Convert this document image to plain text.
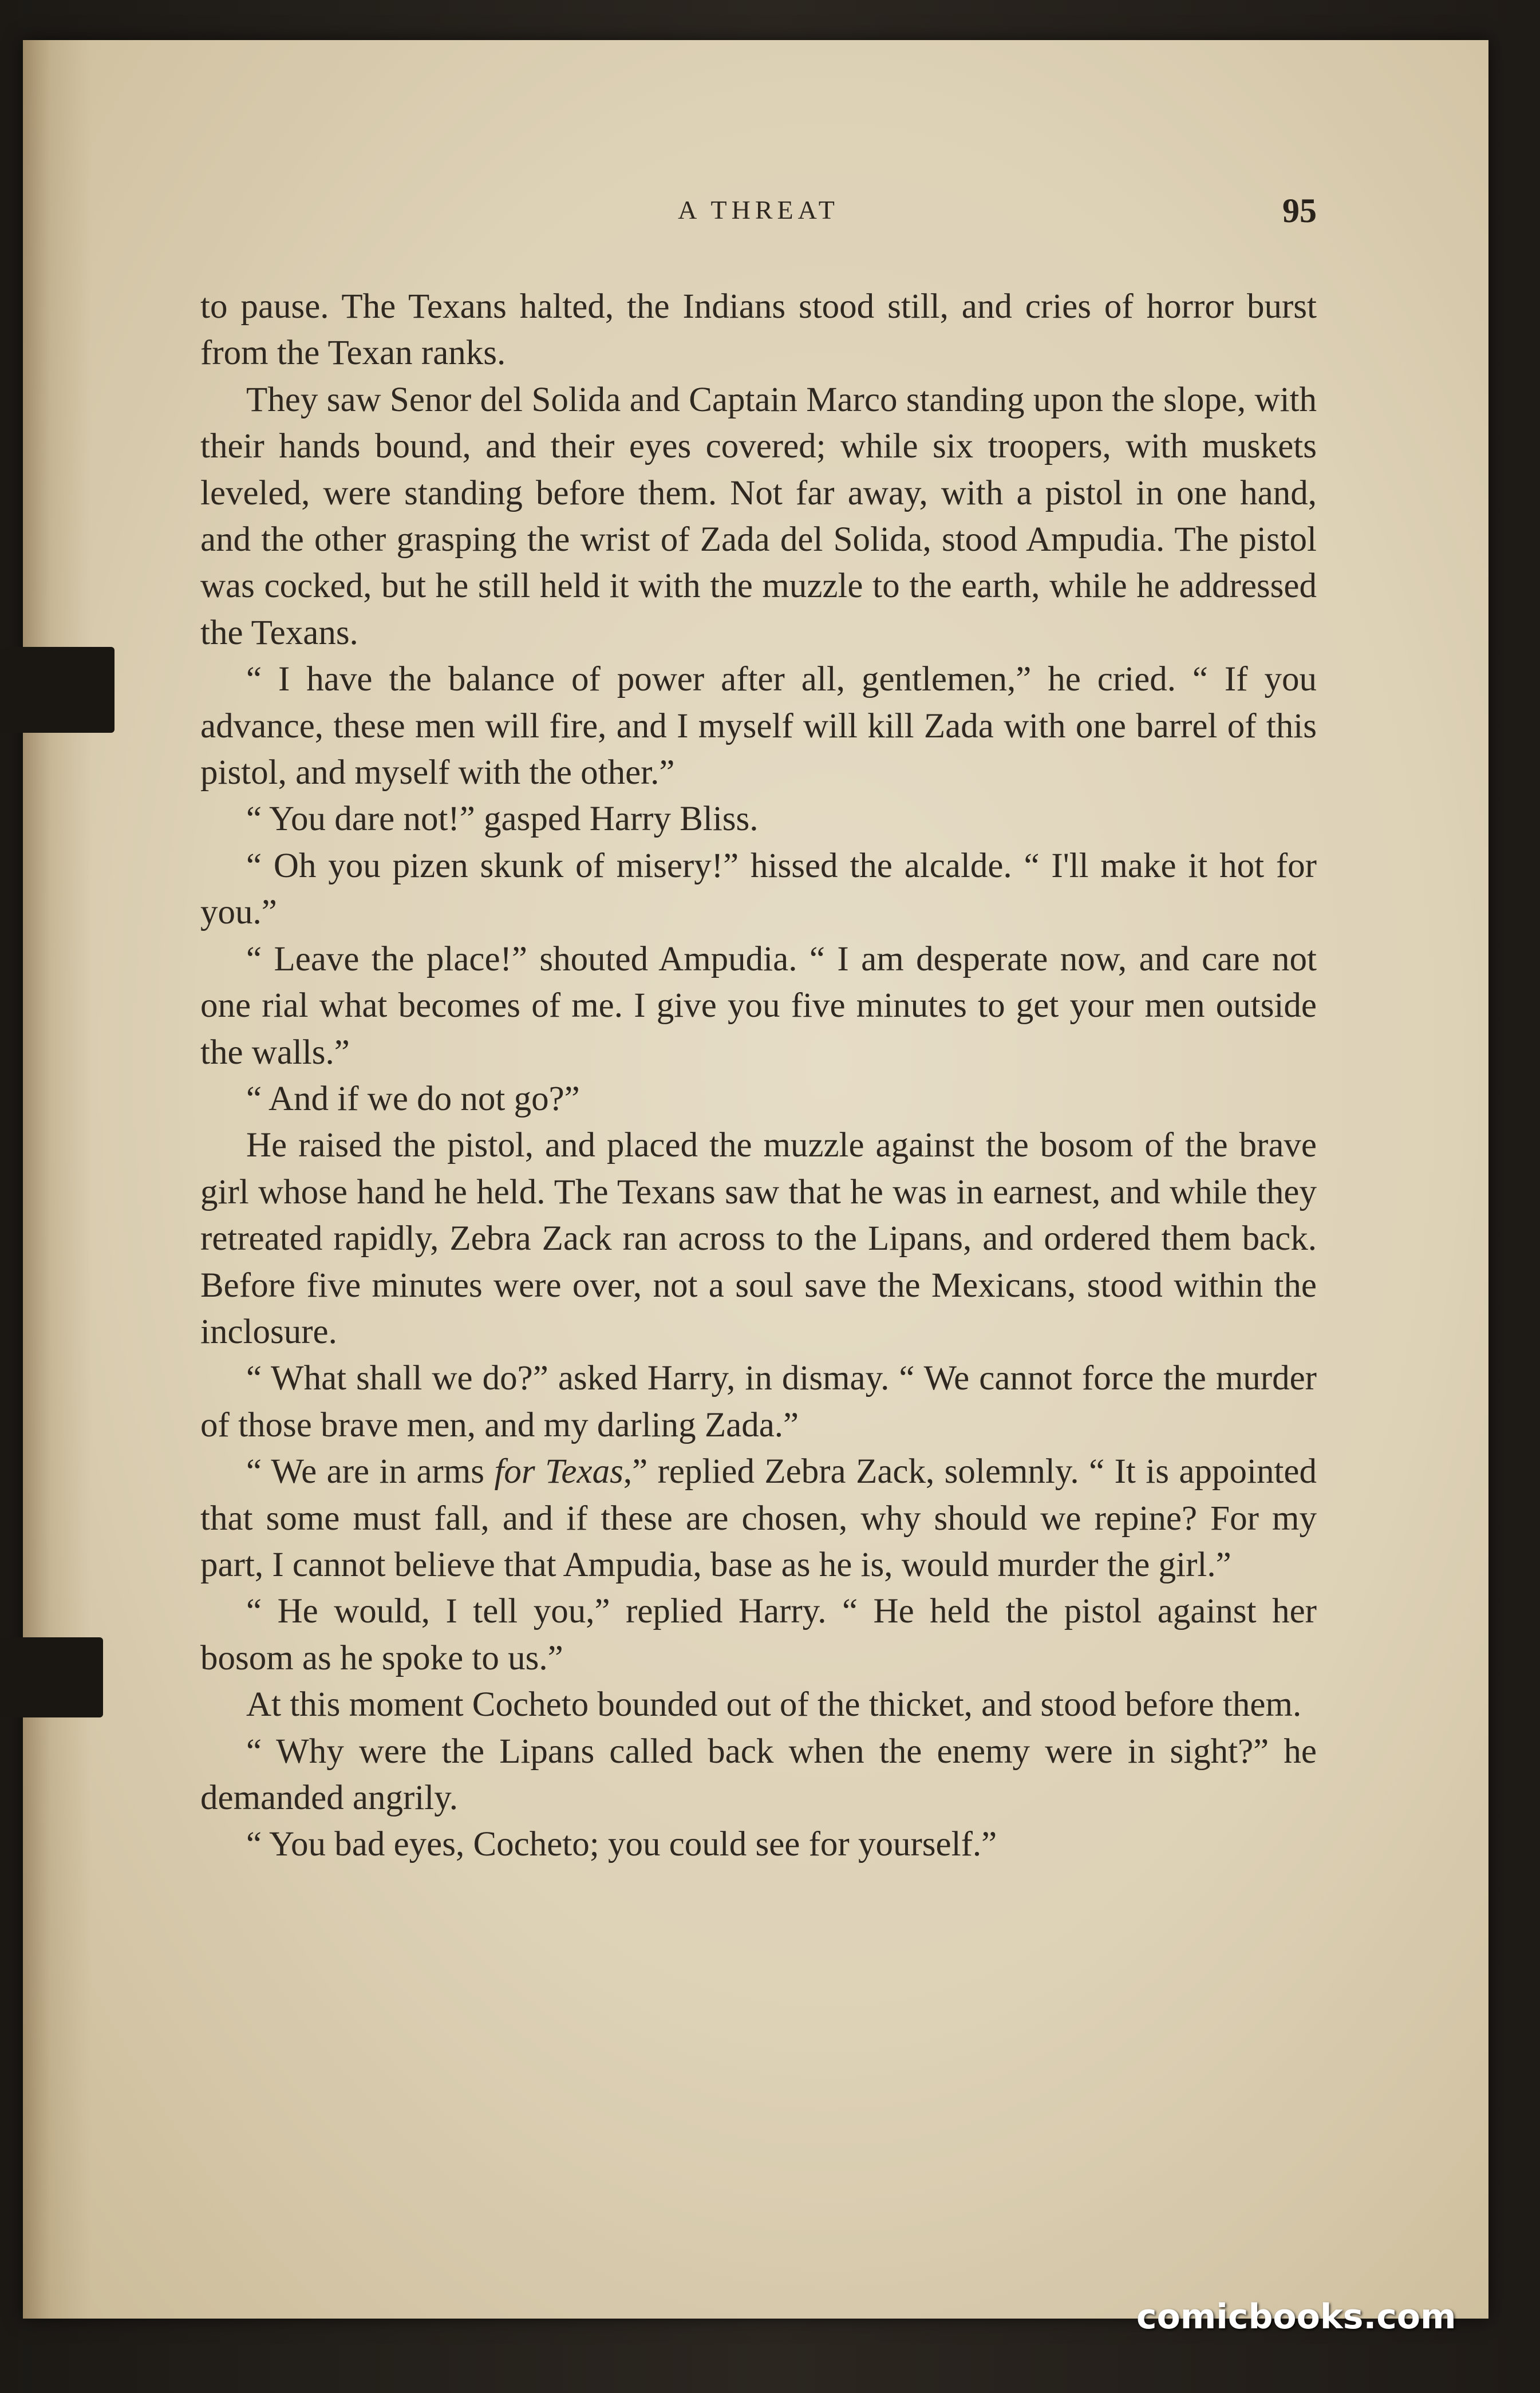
A THREAT	95

to pause. The Texans halted, the Indians stood still, and cries of horror burst from the Texan ranks.

They saw Senor del Solida and Captain Marco standing upon the slope, with their hands bound, and their eyes covered; while six troopers, with muskets leveled, were standing before them. Not far away, with a pistol in one hand, and the other grasping the wrist of Zada del Solida, stood Ampudia. The pistol was cocked, but he still held it with the muzzle to the earth, while he addressed the Texans.

“ I have the balance of power after all, gentlemen,” he cried. “ If you advance, these men will fire, and I myself will kill Zada with one barrel of this pistol, and myself with the other.”

“ You dare not!” gasped Harry Bliss.

“ Oh you pizen skunk of misery!” hissed the alcalde. “ I'll make it hot for you.”

“ Leave the place!” shouted Ampudia. “ I am desperate now, and care not one rial what becomes of me. I give you five minutes to get your men outside the walls.”

“ And if we do not go?”

He raised the pistol, and placed the muzzle against the bosom of the brave girl whose hand he held. The Texans saw that he was in earnest, and while they retreated rapidly, Zebra Zack ran across to the Lipans, and ordered them back. Before five minutes were over, not a soul save the Mexicans, stood within the inclosure.

“ What shall we do?” asked Harry, in dismay. “ We cannot force the murder of those brave men, and my darling Zada.”

“ We are in arms for Texas,” replied Zebra Zack, solemnly. “ It is appointed that some must fall, and if these are chosen, why should we repine? For my part, I cannot believe that Ampudia, base as he is, would murder the girl.”

“ He would, I tell you,” replied Harry. “ He held the pistol against her bosom as he spoke to us.”

At this moment Cocheto bounded out of the thicket, and stood before them.

“ Why were the Lipans called back when the enemy were in sight?” he demanded angrily.

“ You bad eyes, Cocheto; you could see for yourself.”

comicbooks.com
